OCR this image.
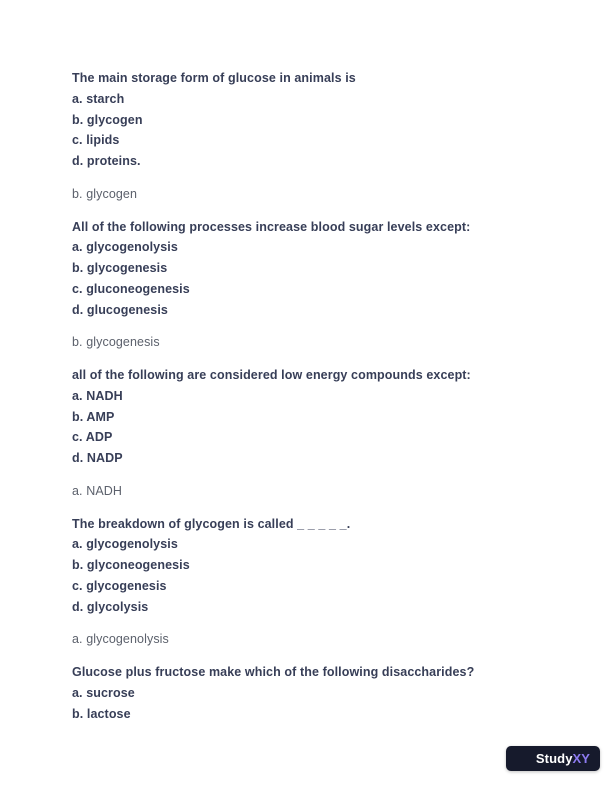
The main storage form of glucose in animals is

a. starch

b. glycogen

c. lipids

d. proteins.

b. glycogen

All of the following processes increase blood sugar levels except:

a. glycogenolysis

b. glycogenesis

c. gluconeogenesis

d. glucogenesis

b. glycogenesis

all of the following are considered low energy compounds except:

a. NADH

b. AMP

c. ADP

d. NADP

a. NADH

The breakdown of glycogen is called _ _ _ _ _.

a. glycogenolysis

b. glyconeogenesis

c. glycogenesis

d. glycolysis

a. glycogenolysis

Glucose plus fructose make which of the following disaccharides?

a. sucrose

b. lactose

StudyXY
